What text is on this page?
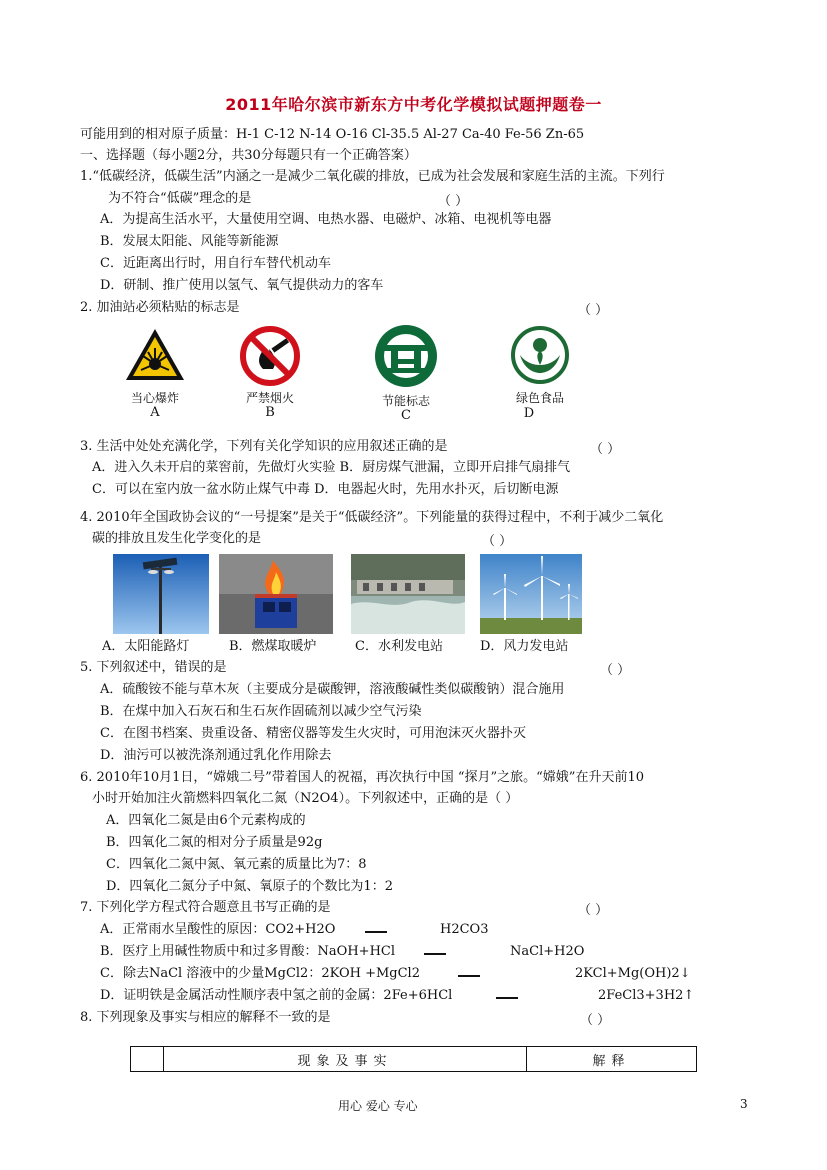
2011年哈尔滨市新东方中考化学模拟试题押题卷一
可能用到的相对原子质量：H-1 C-12 N-14 O-16 Cl-35.5 Al-27 Ca-40 Fe-56 Zn-65
一、选择题（每小题2分，共30分每题只有一个正确答案）
1.“低碳经济，低碳生活”内涵之一是减少二氧化碳的排放，已成为社会发展和家庭生活的主流。下列行
为不符合“低碳”理念的是	（ ）
A．为提高生活水平，大量使用空调、电热水器、电磁炉、冰箱、电视机等电器
B．发展太阳能、风能等新能源
C．近距离出行时，用自行车替代机动车
D．研制、推广使用以氢气、氧气提供动力的客车
2. 加油站必须粘贴的标志是	（ ）
当心爆炸
A
严禁烟火
B
节能标志
C
绿色食品
D
3. 生活中处处充满化学，下列有关化学知识的应用叙述正确的是	（ ）
A．进入久未开启的菜窖前，先做灯火实验 B．厨房煤气泄漏，立即开启排气扇排气
C．可以在室内放一盆水防止煤气中毒 D．电器起火时，先用水扑灭，后切断电源
4. 2010年全国政协会议的“一号提案”是关于“低碳经济”。下列能量的获得过程中，不利于减少二氧化
碳的排放且发生化学变化的是	（ ）
A．太阳能路灯	B．燃煤取暖炉	C．水利发电站	D．风力发电站
5. 下列叙述中，错误的是	（ ）
A．硫酸铵不能与草木灰（主要成分是碳酸钾，溶液酸碱性类似碳酸钠）混合施用
B．在煤中加入石灰石和生石灰作固硫剂以减少空气污染
C．在图书档案、贵重设备、精密仪器等发生火灾时，可用泡沫灭火器扑灭
D．油污可以被洗涤剂通过乳化作用除去
6. 2010年10月1日，“嫦娥二号”带着国人的祝福，再次执行中国 “探月”之旅。“嫦娥”在升天前10
小时开始加注火箭燃料四氧化二氮（N2O4）。下列叙述中，正确的是（ ）
A．四氧化二氮是由6个元素构成的
B．四氧化二氮的相对分子质量是92g
C．四氧化二氮中氮、氧元素的质量比为7：8
D．四氧化二氮分子中氮、氧原子的个数比为1：2
7. 下列化学方程式符合题意且书写正确的是	（ ）
A．正常雨水呈酸性的原因：CO2+H2O	H2CO3
B．医疗上用碱性物质中和过多胃酸：NaOH+HCl	NaCl+H2O
C．除去NaCl 溶液中的少量MgCl2：2KOH +MgCl2	2KCl+Mg(OH)2↓
D．证明铁是金属活动性顺序表中氢之前的金属：2Fe+6HCl	2FeCl3+3H2↑
8. 下列现象及事实与相应的解释不一致的是	（ ）
	现象及事实	解释
用心 爱心 专心	3
